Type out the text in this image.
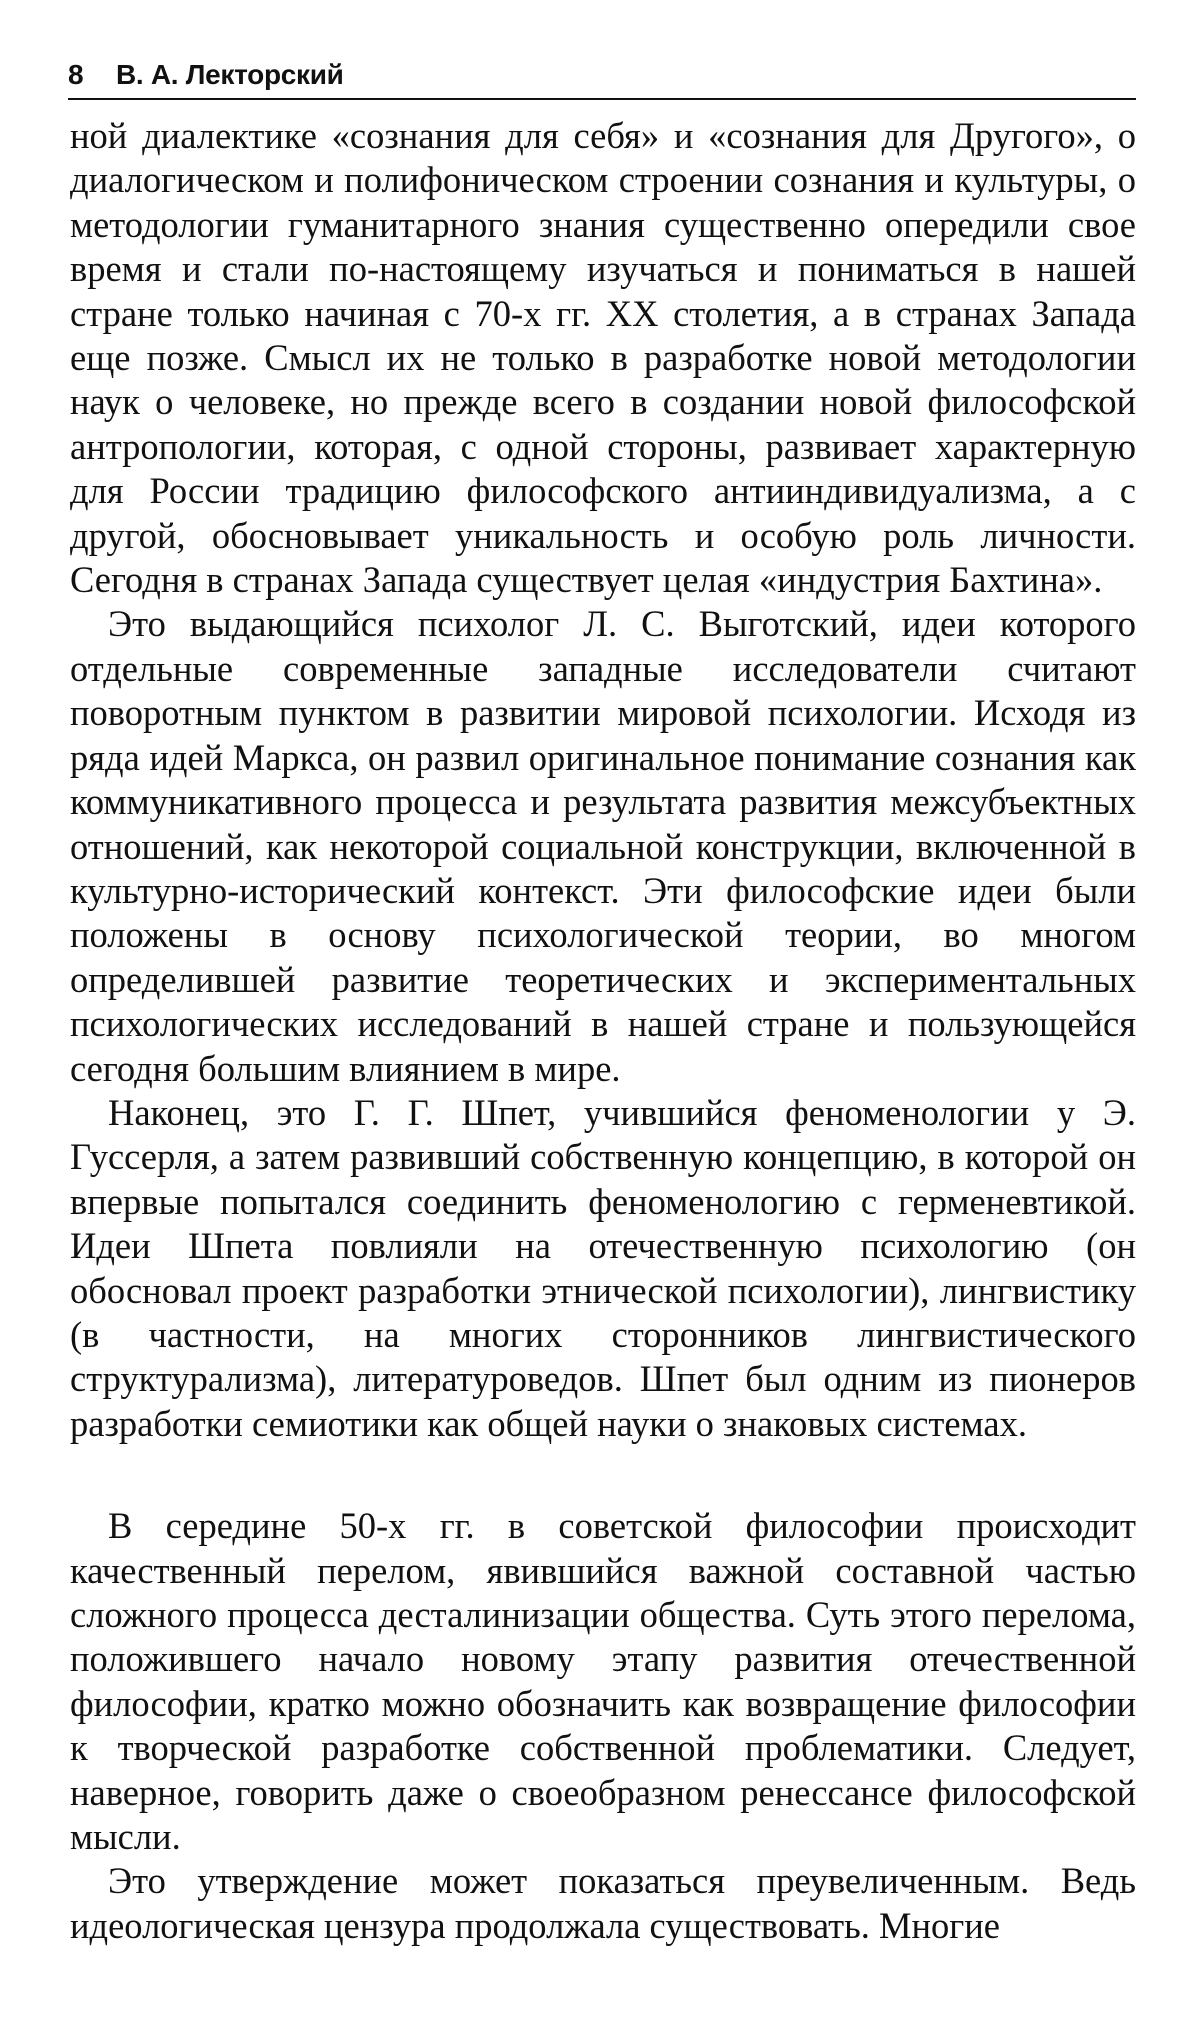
8 В. А. Лекторский

ной диалектике «сознания для себя» и «сознания для Другого», о диалогическом и полифоническом строении сознания и культуры, о методологии гуманитарного знания существенно опередили свое время и стали по-настоящему изучаться и пониматься в нашей стране только начиная с 70-х гг. XX столетия, а в странах Запада еще позже. Смысл их не только в разработке новой методологии наук о человеке, но прежде всего в создании новой философской антропологии, которая, с одной стороны, развивает характерную для России традицию философского антииндивидуализма, а с другой, обосновывает уникальность и особую роль личности. Сегодня в странах Запада существует целая «индустрия Бахтина».

Это выдающийся психолог Л. С. Выготский, идеи которого отдельные современные западные исследователи считают поворотным пунктом в развитии мировой психологии. Исходя из ряда идей Маркса, он развил оригинальное понимание сознания как коммуникативного процесса и результата развития межсубъектных отношений, как некоторой социальной конструкции, включенной в культурно-исторический контекст. Эти философские идеи были положены в основу психологической теории, во многом определившей развитие теоретических и экспериментальных психологических исследований в нашей стране и пользующейся сегодня большим влиянием в мире.

Наконец, это Г. Г. Шпет, учившийся феноменологии у Э. Гуссерля, а затем развивший собственную концепцию, в которой он впервые попытался соединить феноменологию с герменевтикой. Идеи Шпета повлияли на отечественную психологию (он обосновал проект разработки этнической психологии), лингвистику (в частности, на многих сторонников лингвистического структурализма), литературоведов. Шпет был одним из пионеров разработки семиотики как общей науки о знаковых системах.

В середине 50-х гг. в советской философии происходит качественный перелом, явившийся важной составной частью сложного процесса десталинизации общества. Суть этого перелома, положившего начало новому этапу развития отечественной философии, кратко можно обозначить как возвращение философии к творческой разработке собственной проблематики. Следует, наверное, говорить даже о своеобразном ренессансе философской мысли.

Это утверждение может показаться преувеличенным. Ведь идеологическая цензура продолжала существовать. Многие
